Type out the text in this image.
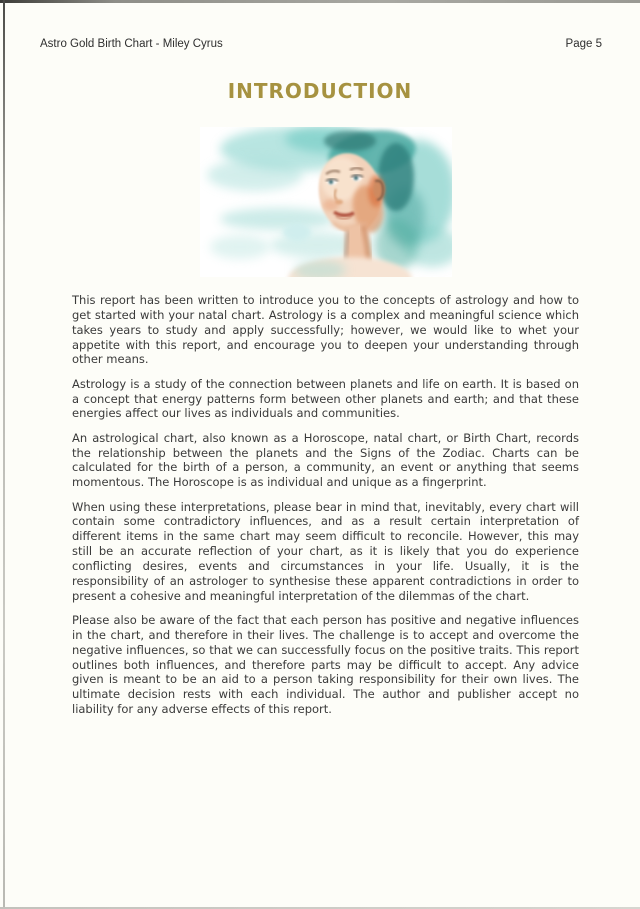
Astro Gold Birth Chart - Miley Cyrus	Page 5
INTRODUCTION

This report has been written to introduce you to the concepts of astrology and how to get started with your natal chart. Astrology is a complex and meaningful science which takes years to study and apply successfully; however, we would like to whet your appetite with this report, and encourage you to deepen your understanding through other means.

Astrology is a study of the connection between planets and life on earth. It is based on a concept that energy patterns form between other planets and earth; and that these energies affect our lives as individuals and communities.

An astrological chart, also known as a Horoscope, natal chart, or Birth Chart, records the relationship between the planets and the Signs of the Zodiac. Charts can be calculated for the birth of a person, a community, an event or anything that seems momentous. The Horoscope is as individual and unique as a fingerprint.

When using these interpretations, please bear in mind that, inevitably, every chart will contain some contradictory influences, and as a result certain interpretation of different items in the same chart may seem difficult to reconcile. However, this may still be an accurate reflection of your chart, as it is likely that you do experience conflicting desires, events and circumstances in your life. Usually, it is the responsibility of an astrologer to synthesise these apparent contradictions in order to present a cohesive and meaningful interpretation of the dilemmas of the chart.

Please also be aware of the fact that each person has positive and negative influences in the chart, and therefore in their lives. The challenge is to accept and overcome the negative influences, so that we can successfully focus on the positive traits. This report outlines both influences, and therefore parts may be difficult to accept. Any advice given is meant to be an aid to a person taking responsibility for their own lives. The ultimate decision rests with each individual. The author and publisher accept no liability for any adverse effects of this report.
